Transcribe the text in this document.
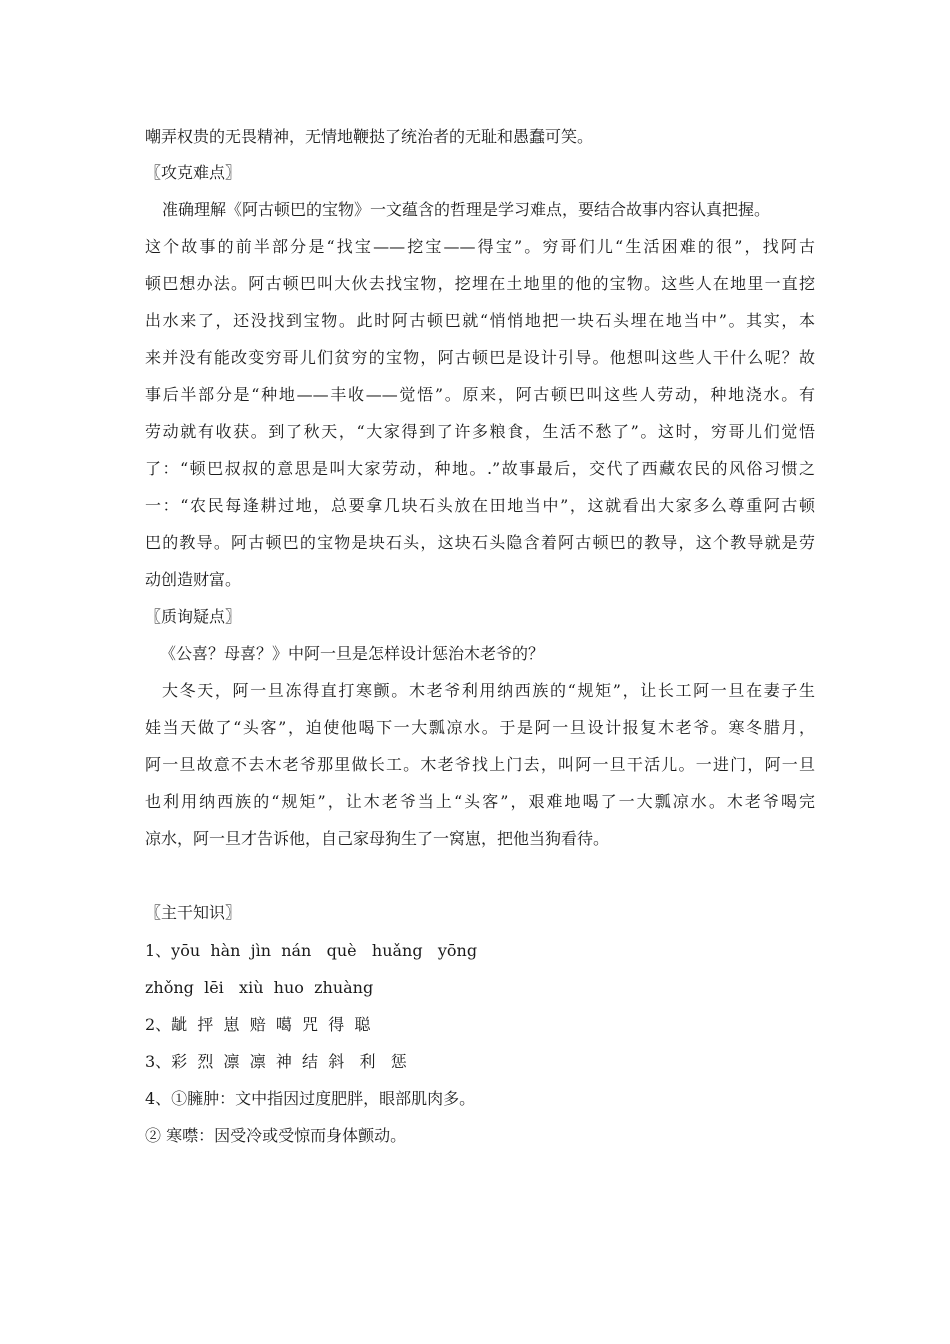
嘲弄权贵的无畏精神，无情地鞭挞了统治者的无耻和愚蠢可笑。
〖攻克难点〗
准确理解《阿古顿巴的宝物》一文蕴含的哲理是学习难点，要结合故事内容认真把握。
这个故事的前半部分是“找宝——挖宝——得宝”。穷哥们儿“生活困难的很”，找阿古
顿巴想办法。阿古顿巴叫大伙去找宝物，挖埋在土地里的他的宝物。这些人在地里一直挖
出水来了，还没找到宝物。此时阿古顿巴就“悄悄地把一块石头埋在地当中”。其实，本
来并没有能改变穷哥儿们贫穷的宝物，阿古顿巴是设计引导。他想叫这些人干什么呢？故
事后半部分是“种地——丰收——觉悟”。原来，阿古顿巴叫这些人劳动，种地浇水。有
劳动就有收获。到了秋天，“大家得到了许多粮食，生活不愁了”。这时，穷哥儿们觉悟
了：“顿巴叔叔的意思是叫大家劳动，种地。.”故事最后，交代了西藏农民的风俗习惯之
一：“农民每逢耕过地，总要拿几块石头放在田地当中”，这就看出大家多么尊重阿古顿
巴的教导。阿古顿巴的宝物是块石头，这块石头隐含着阿古顿巴的教导，这个教导就是劳
动创造财富。
〖质询疑点〗
《公喜？母喜？》中阿一旦是怎样设计惩治木老爷的？
大冬天，阿一旦冻得直打寒颤。木老爷利用纳西族的“规矩”，让长工阿一旦在妻子生
娃当天做了“头客”，迫使他喝下一大瓢凉水。于是阿一旦设计报复木老爷。寒冬腊月，
阿一旦故意不去木老爷那里做长工。木老爷找上门去，叫阿一旦干活儿。一进门，阿一旦
也利用纳西族的“规矩”，让木老爷当上“头客”，艰难地喝了一大瓢凉水。木老爷喝完
凉水，阿一旦才告诉他，自己家母狗生了一窝崽，把他当狗看待。
〖主干知识〗
1、yōu  hàn  jìn  nán   què   huǎng   yōng
zhǒng  lēi   xiù  huo  zhuàng
2、龇  抨  崽  赔  噶  咒  得  聪
3、彩  烈  凛  凛  神  结  斜   利   惩
4、①臃肿：文中指因过度肥胖，眼部肌肉多。
② 寒噤：因受冷或受惊而身体颤动。
